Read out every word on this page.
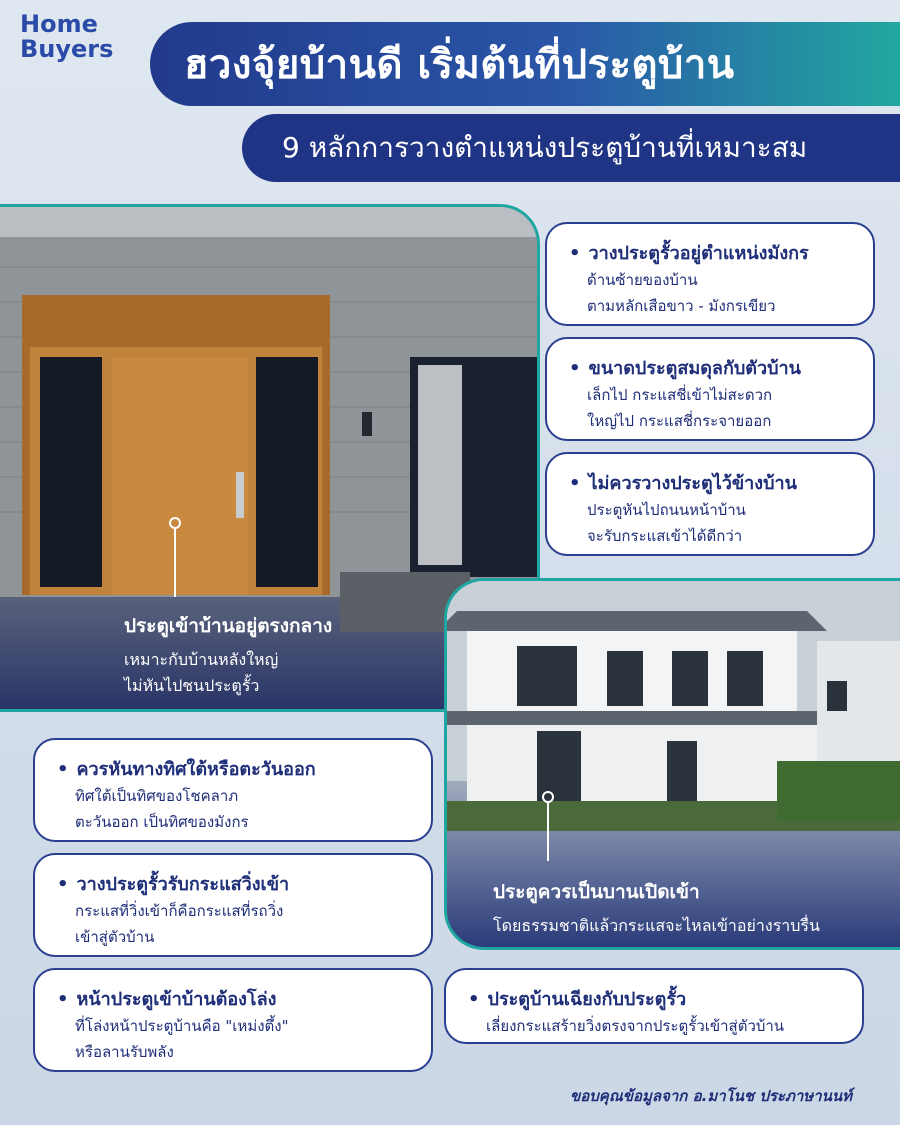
Home
Buyers ฮวงจุ้ยบ้านดี เริ่มต้นที่ประตูบ้าน
9 หลักการวางตำแหน่งประตูบ้านที่เหมาะสม
ประตูเข้าบ้านอยู่ตรงกลาง
เหมาะกับบ้านหลังใหญ่
ไม่หันไปชนประตูรั้ว
ประตูควรเป็นบานเปิดเข้า
โดยธรรมชาติแล้วกระแสจะไหลเข้าอย่างราบรื่น
• วางประตูรั้วอยู่ตำแหน่งมังกร
ด้านซ้ายของบ้าน
ตามหลักเสือขาว - มังกรเขียว
• ขนาดประตูสมดุลกับตัวบ้าน
เล็กไป กระแสชี่เข้าไม่สะดวก
ใหญ่ไป กระแสชี่กระจายออก
• ไม่ควรวางประตูไว้ข้างบ้าน
ประตูหันไปถนนหน้าบ้าน
จะรับกระแสเข้าได้ดีกว่า
• ควรหันทางทิศใต้หรือตะวันออก
ทิศใต้เป็นทิศของโชคลาภ
ตะวันออก เป็นทิศของมังกร
• วางประตูรั้วรับกระแสวิ่งเข้า
กระแสที่วิ่งเข้าก็คือกระแสที่รถวิ่ง
เข้าสู่ตัวบ้าน
• หน้าประตูเข้าบ้านต้องโล่ง
ที่โล่งหน้าประตูบ้านคือ "เหม่งตึ้ง"
หรือลานรับพลัง
• ประตูบ้านเฉียงกับประตูรั้ว
เลี่ยงกระแสร้ายวิ่งตรงจากประตูรั้วเข้าสู่ตัวบ้าน
ขอบคุณข้อมูลจาก อ.มาโนช ประภาษานนท์
